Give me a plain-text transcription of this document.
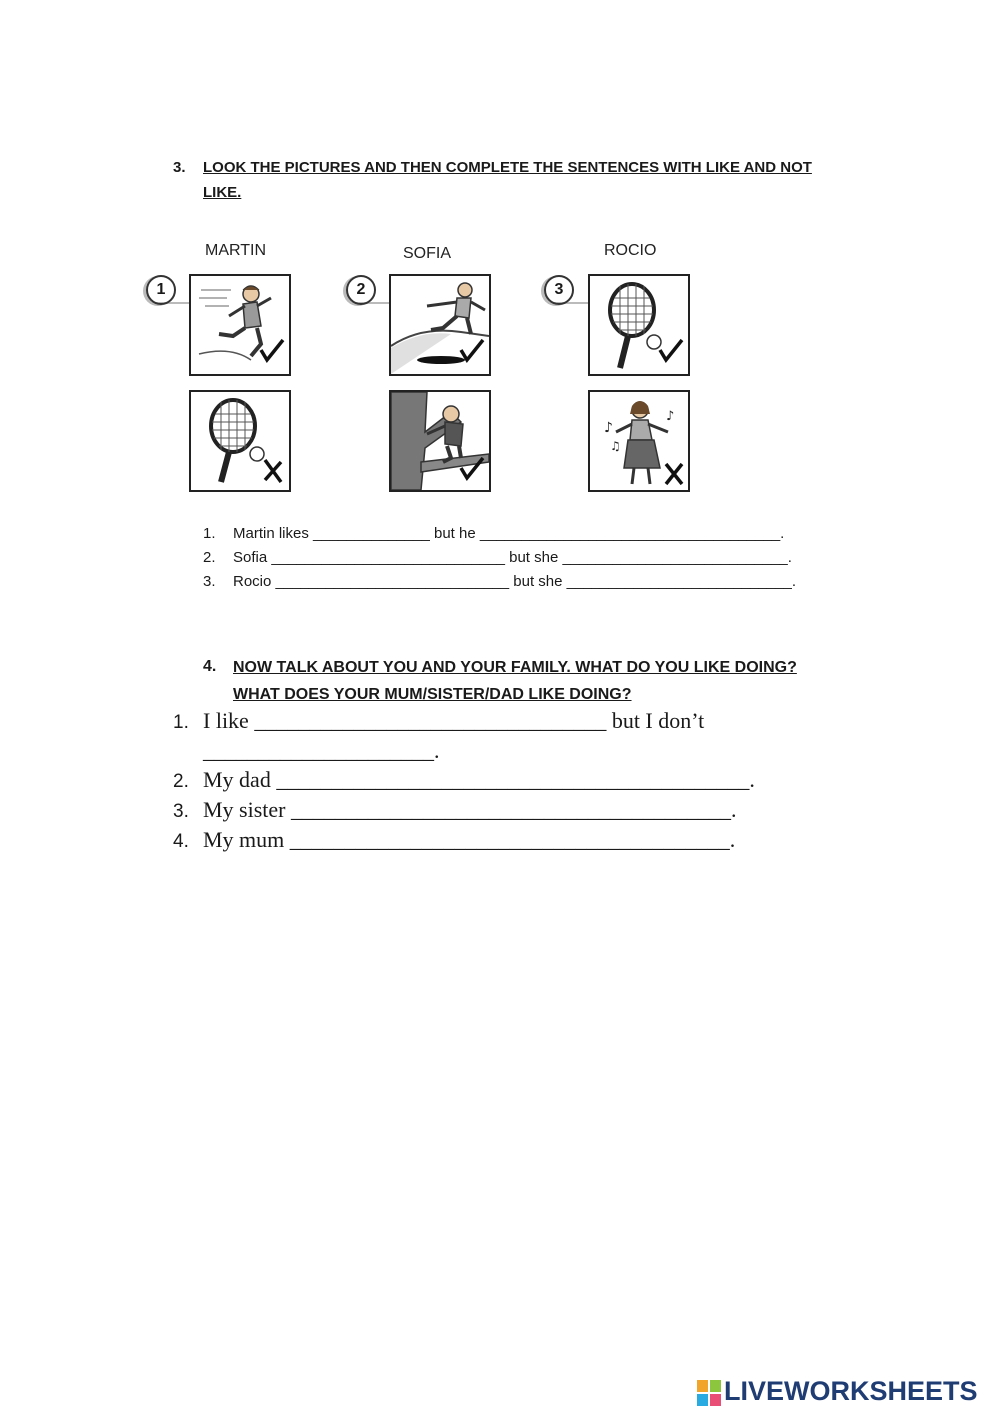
3. LOOK THE PICTURES AND THEN COMPLETE THE SENTENCES WITH LIKE AND NOT
LIKE.
MARTIN	SOFIA	ROCIO
1	2	3
♪
♫
♪
1. Martin likes ______________ but he ____________________________________.
2. Sofia ____________________________ but she ___________________________.
3. Rocio ____________________________ but she ___________________________.
4. NOW TALK ABOUT YOU AND YOUR FAMILY. WHAT DO YOU LIKE DOING?
WHAT DOES YOUR MUM/SISTER/DAD LIKE DOING?
1. I like ________________________________ but I don’t
_____________________.
2. My dad ___________________________________________.
3. My sister ________________________________________.
4. My mum ________________________________________.
LIVEWORKSHEETS
